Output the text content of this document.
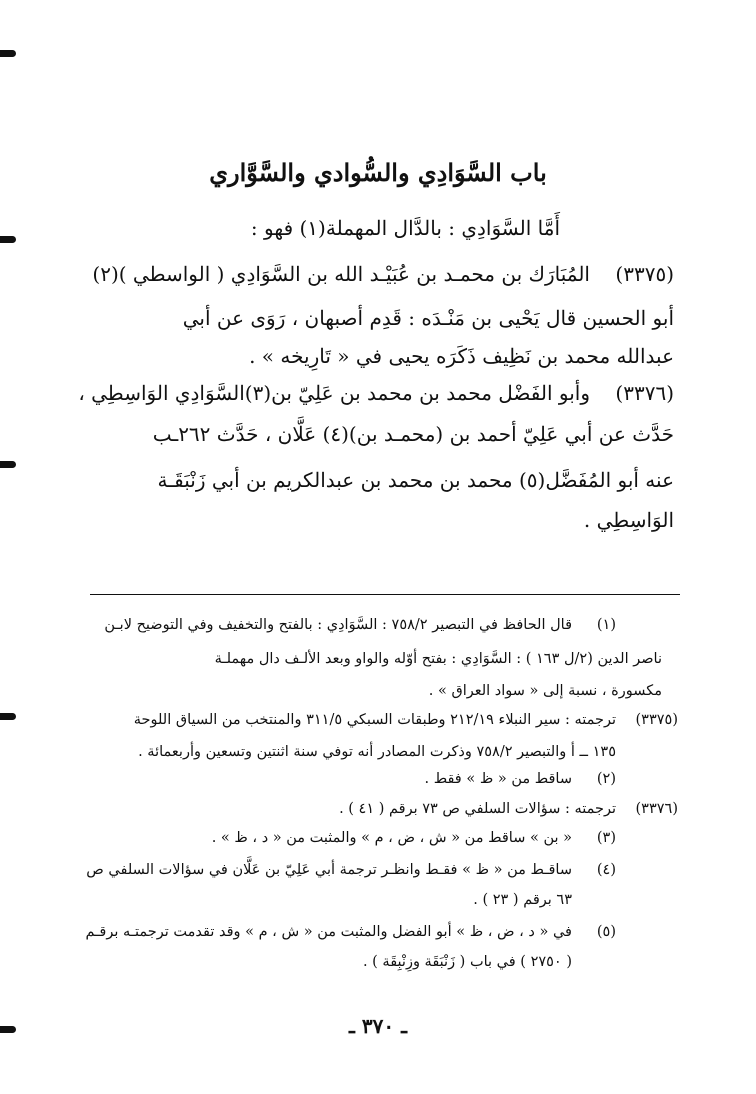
باب السَّوَادِي والسُّوادي والسَّوَّاري
أَمَّا السَّوَادِي : بالدَّال المهملة(١) فهو :
(٣٣٧٥)
المُبَارَك بن محمـد بن عُبَيْـد الله بن السَّوَادِي ( الواسطي )(٢)
أبو الحسين قال يَحْيى بن مَنْـدَه : قَدِم أصبهان ، رَوَى عن أبي
عبدالله محمد بن نَظِيف ذَكَرَه يحيى في « تَارِيخه » .
(٣٣٧٦)
وأبو الفَضْل محمد بن محمد بن عَلِيّ بن(٣)السَّوَادِي الوَاسِطِي ،
حَدَّث عن أبي عَلِيّ أحمد بن (محمـد بن)(٤) عَلَّان ، حَدَّث ٢٦٢ـب
عنه أبو المُفَضَّل(٥) محمد بن محمد بن عبدالكريم بن أبي زَنْبَقَـة
الوَاسِطِي .
(١)
قال الحافظ في التبصير ٧٥٨/٢ : السَّوَادِي : بالفتح والتخفيف وفي التوضيح لابـن
ناصر الدين (٢/ل ١٦٣ ) : السَّوَادِي : بفتح أوّله والواو وبعد الألـف دال مهملـة
مكسورة ، نسبة إلى « سواد العراق » .
(٣٣٧٥)
ترجمته : سير النبلاء ٢١٢/١٩ وطبقات السبكي ٣١١/٥ والمنتخب من السياق اللوحة
١٣٥ ــ أ والتبصير ٧٥٨/٢ وذكرت المصادر أنه توفي سنة اثنتين وتسعين وأربعمائة .
(٢)
ساقط من « ظ » فقط .
(٣٣٧٦)
ترجمته : سؤالات السلفي ص ٧٣ برقم ( ٤١ ) .
(٣)
« بن » ساقط من « ش ، ض ، م » والمثبت من « د ، ظ » .
(٤)
ساقـط من « ظ » فقـط وانظـر ترجمة أبي عَلِيّ بن عَلَّان في سؤالات السلفي ص
٦٣ برقم ( ٢٣ ) .
(٥)
في « د ، ض ، ظ » أبو الفضل والمثبت من « ش ، م » وقد تقدمت ترجمتـه برقـم
( ٢٧٥٠ ) في باب ( زَنْبَقَة وزِنْبِقَة ) .
ـ ٣٧٠ ـ
